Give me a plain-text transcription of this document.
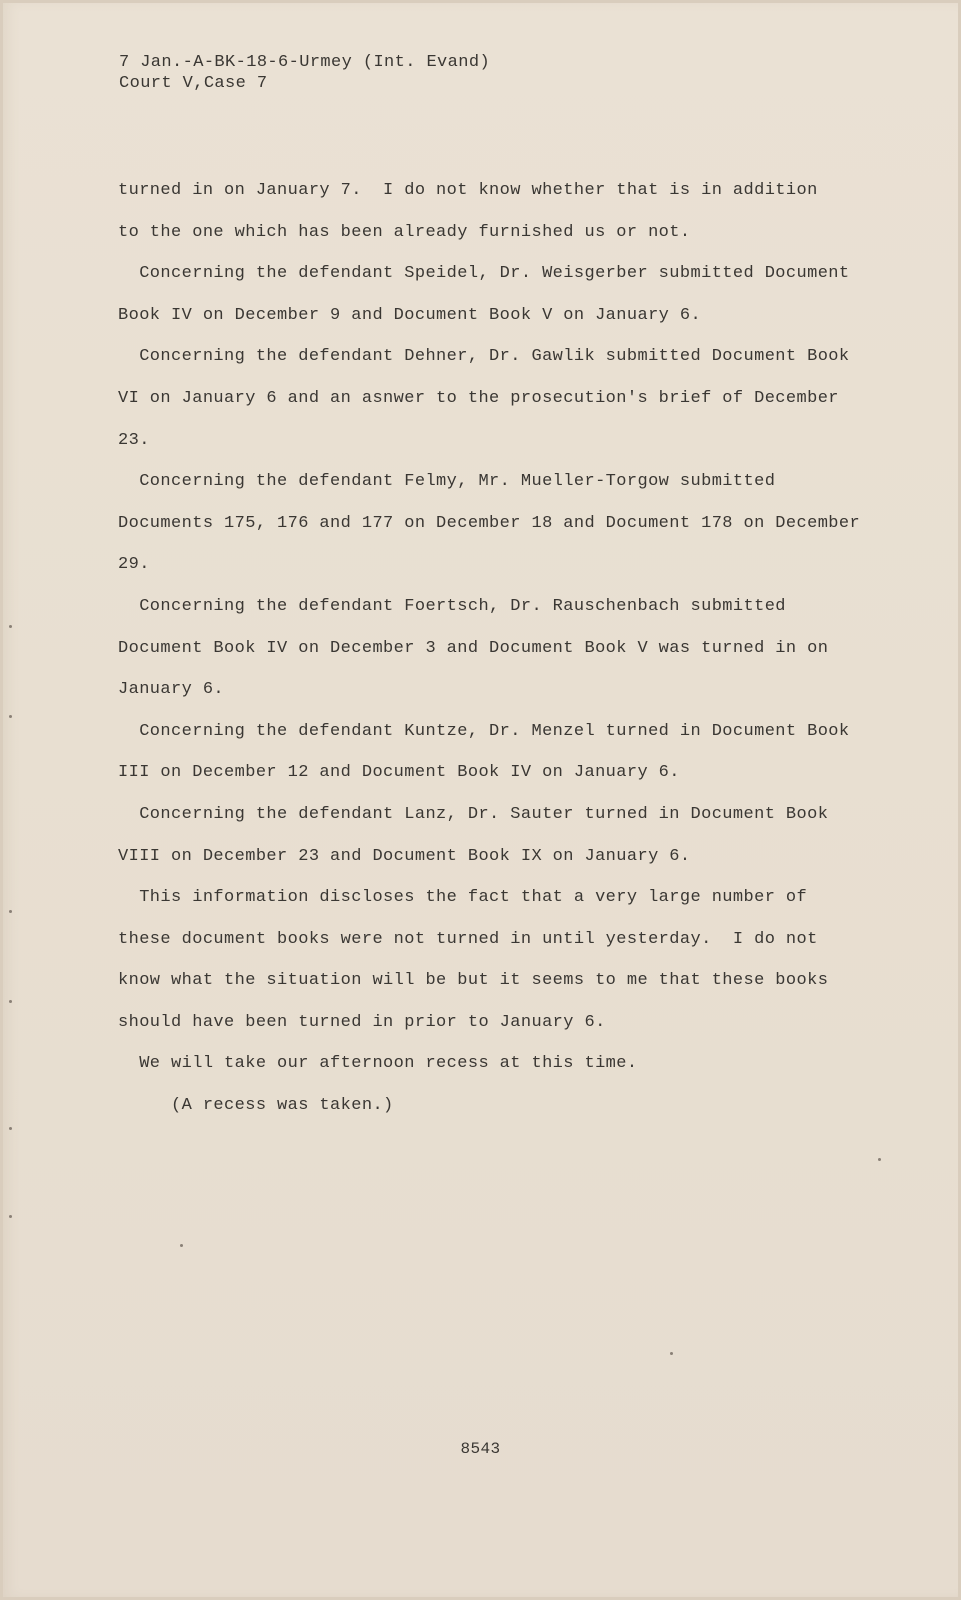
7 Jan.-A-BK-18-6-Urmey (Int. Evand)
Court V,Case 7
turned in on January 7.  I do not know whether that is in addition
to the one which has been already furnished us or not.
Concerning the defendant Speidel, Dr. Weisgerber submitted Document
Book IV on December 9 and Document Book V on January 6.
Concerning the defendant Dehner, Dr. Gawlik submitted Document Book
VI on January 6 and an asnwer to the prosecution's brief of December
23.
Concerning the defendant Felmy, Mr. Mueller-Torgow submitted
Documents 175, 176 and 177 on December 18 and Document 178 on December
29.
Concerning the defendant Foertsch, Dr. Rauschenbach submitted
Document Book IV on December 3 and Document Book V was turned in on
January 6.
Concerning the defendant Kuntze, Dr. Menzel turned in Document Book
III on December 12 and Document Book IV on January 6.
Concerning the defendant Lanz, Dr. Sauter turned in Document Book
VIII on December 23 and Document Book IX on January 6.
This information discloses the fact that a very large number of
these document books were not turned in until yesterday.  I do not
know what the situation will be but it seems to me that these books
should have been turned in prior to January 6.
We will take our afternoon recess at this time.
(A recess was taken.)
8543
